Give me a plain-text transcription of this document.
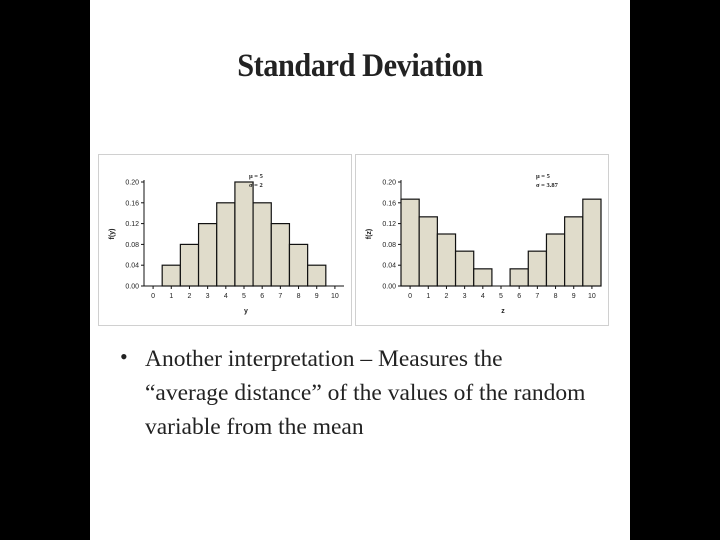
Standard Deviation
0.00
0.04
0.08
0.12
0.16
0.20
0 1 2 3 4 5 6 7 8 9 10
y
f(y)
μ = 5
σ = 2
0.00
0.04
0.08
0.12
0.16
0.20
0 1 2 3 4 5 6 7 8 9 10
z
f(z)
μ = 5
σ = 3.87
• Another interpretation – Measures the
“average distance” of the values of the random
variable from the mean
